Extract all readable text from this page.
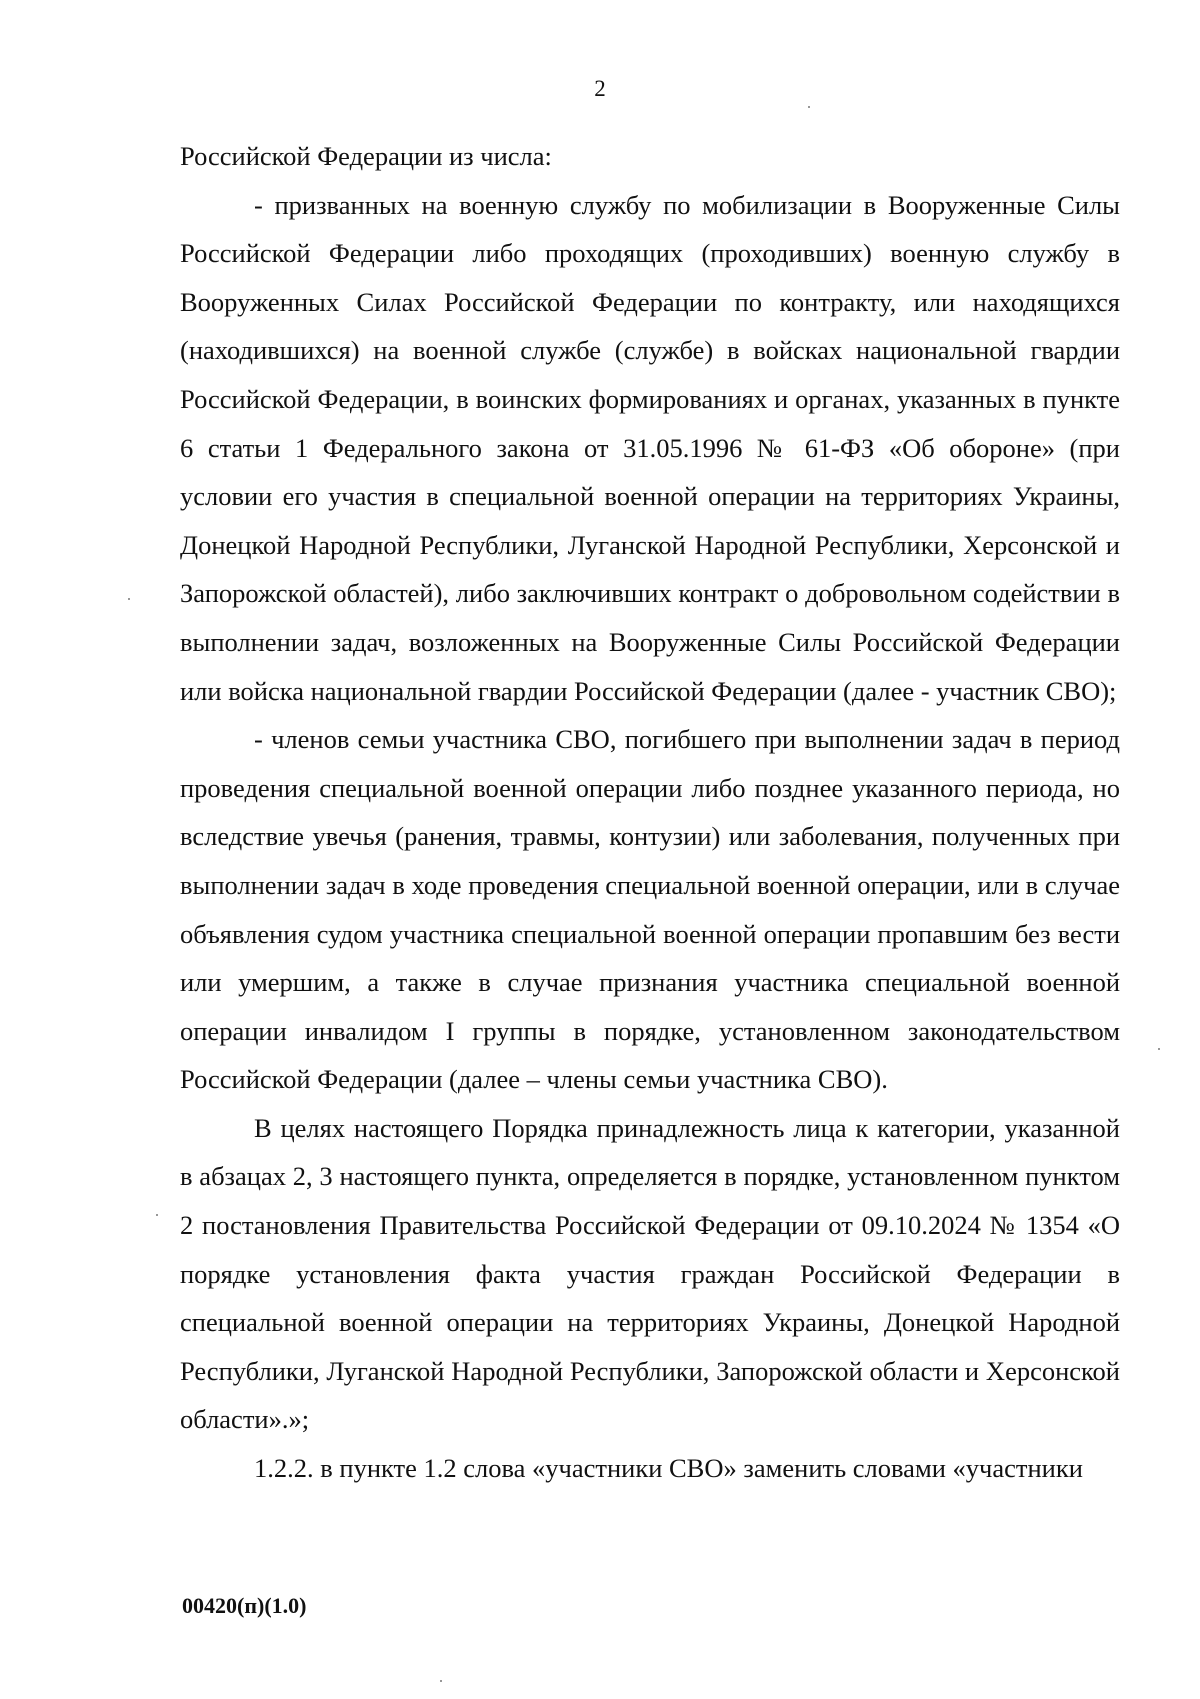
2

Российской Федерации из числа:

- призванных на военную службу по мобилизации в Вооруженные Силы Российской Федерации либо проходящих (проходивших) военную службу в Вооруженных Силах Российской Федерации по контракту, или находящихся (находившихся) на военной службе (службе) в войсках национальной гвардии Российской Федерации, в воинских формированиях и органах, указанных в пункте 6 статьи 1 Федерального закона от 31.05.1996 № 61-ФЗ «Об обороне» (при условии его участия в специальной военной операции на территориях Украины, Донецкой Народной Республики, Луганской Народной Республики, Херсонской и Запорожской областей), либо заключивших контракт о добровольном содействии в выполнении задач, возложенных на Вооруженные Силы Российской Федерации или войска национальной гвардии Российской Федерации (далее - участник СВО);

- членов семьи участника СВО, погибшего при выполнении задач в период проведения специальной военной операции либо позднее указанного периода, но вследствие увечья (ранения, травмы, контузии) или заболевания, полученных при выполнении задач в ходе проведения специальной военной операции, или в случае объявления судом участника специальной военной операции пропавшим без вести или умершим, а также в случае признания участника специальной военной операции инвалидом I группы в порядке, установленном законодательством Российской Федерации (далее – члены семьи участника СВО).

В целях настоящего Порядка принадлежность лица к категории, указанной в абзацах 2, 3 настоящего пункта, определяется в порядке, установленном пунктом 2 постановления Правительства Российской Федерации от 09.10.2024 № 1354 «О порядке установления факта участия граждан Российской Федерации в специальной военной операции на территориях Украины, Донецкой Народной Республики, Луганской Народной Республики, Запорожской области и Херсонской области».»;

1.2.2. в пункте 1.2 слова «участники СВО» заменить словами «участники

00420(п)(1.0)
